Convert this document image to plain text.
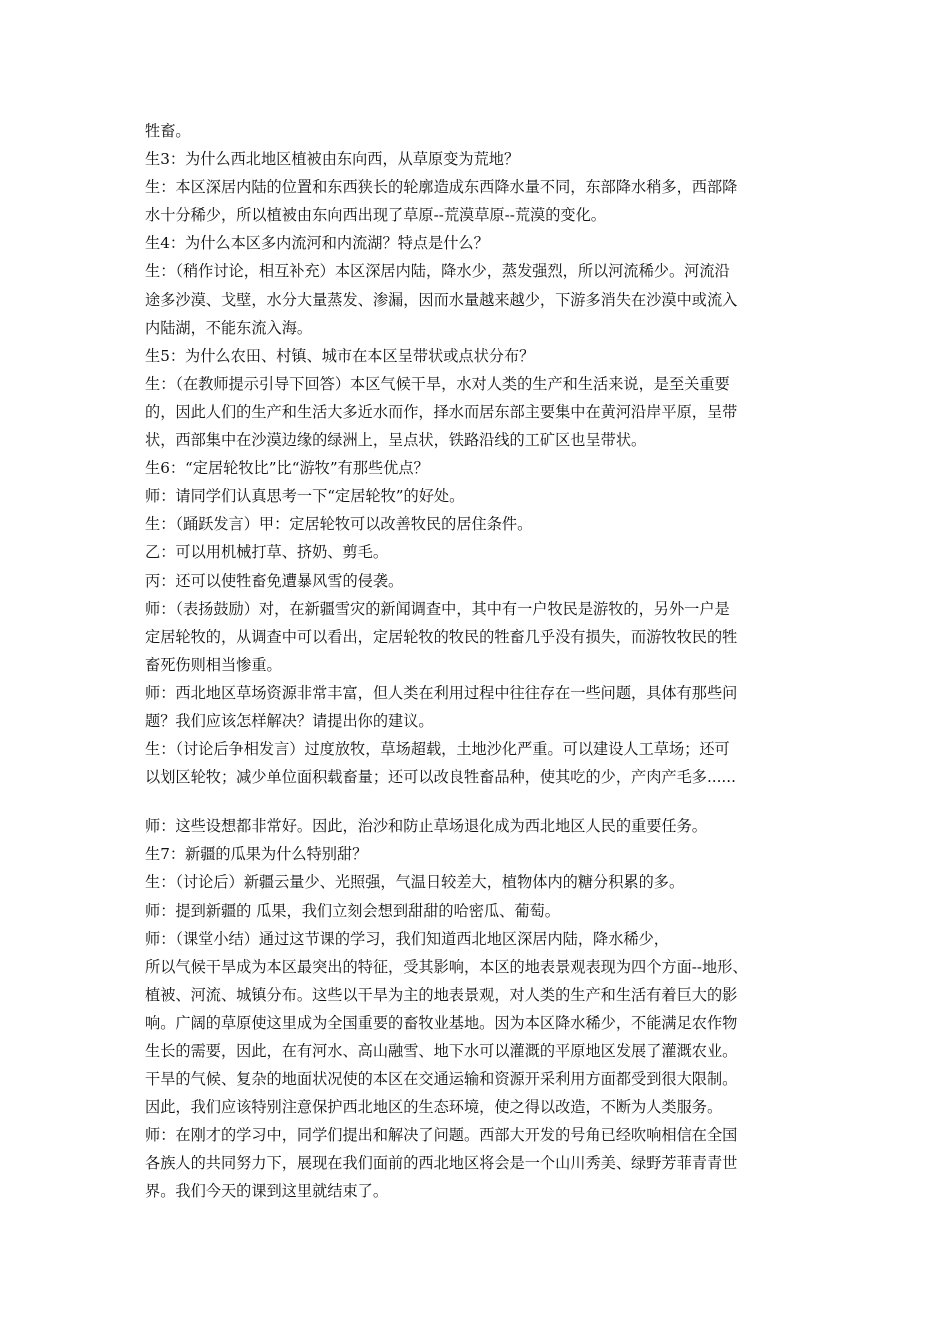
牲畜。
生3：为什么西北地区植被由东向西，从草原变为荒地？
生：本区深居内陆的位置和东西狭长的轮廓造成东西降水量不同，东部降水稍多，西部降
水十分稀少，所以植被由东向西出现了草原--荒漠草原--荒漠的变化。
生4：为什么本区多内流河和内流湖？特点是什么？
生：（稍作讨论，相互补充）本区深居内陆，降水少，蒸发强烈，所以河流稀少。河流沿
途多沙漠、戈壁，水分大量蒸发、渗漏，因而水量越来越少，下游多消失在沙漠中或流入
内陆湖，不能东流入海。
生5：为什么农田、村镇、城市在本区呈带状或点状分布？
生：（在教师提示引导下回答）本区气候干旱，水对人类的生产和生活来说，是至关重要
的，因此人们的生产和生活大多近水而作，择水而居东部主要集中在黄河沿岸平原，呈带
状，西部集中在沙漠边缘的绿洲上，呈点状，铁路沿线的工矿区也呈带状。
生6：“定居轮牧比”比“游牧”有那些优点？
师：请同学们认真思考一下“定居轮牧”的好处。
生：（踊跃发言）甲：定居轮牧可以改善牧民的居住条件。
乙：可以用机械打草、挤奶、剪毛。
丙：还可以使牲畜免遭暴风雪的侵袭。
师：（表扬鼓励）对，在新疆雪灾的新闻调查中，其中有一户牧民是游牧的，另外一户是
定居轮牧的，从调查中可以看出，定居轮牧的牧民的牲畜几乎没有损失，而游牧牧民的牲
畜死伤则相当惨重。
师：西北地区草场资源非常丰富，但人类在利用过程中往往存在一些问题，具体有那些问
题？我们应该怎样解决？请提出你的建议。
生：（讨论后争相发言）过度放牧，草场超载，土地沙化严重。可以建设人工草场；还可
以划区轮牧；减少单位面积载畜量；还可以改良牲畜品种，使其吃的少，产肉产毛多......
师：这些设想都非常好。因此，治沙和防止草场退化成为西北地区人民的重要任务。
生7：新疆的瓜果为什么特别甜？
生：（讨论后）新疆云量少、光照强，气温日较差大，植物体内的糖分积累的多。
师：提到新疆的 瓜果，我们立刻会想到甜甜的哈密瓜、葡萄。
师：（课堂小结）通过这节课的学习，我们知道西北地区深居内陆，降水稀少，
所以气候干旱成为本区最突出的特征，受其影响，本区的地表景观表现为四个方面--地形、
植被、河流、城镇分布。这些以干旱为主的地表景观，对人类的生产和生活有着巨大的影
响。广阔的草原使这里成为全国重要的畜牧业基地。因为本区降水稀少，不能满足农作物
生长的需要，因此，在有河水、高山融雪、地下水可以灌溉的平原地区发展了灌溉农业。
干旱的气候、复杂的地面状况使的本区在交通运输和资源开采利用方面都受到很大限制。
因此，我们应该特别注意保护西北地区的生态环境，使之得以改造，不断为人类服务。
师：在刚才的学习中，同学们提出和解决了问题。西部大开发的号角已经吹响相信在全国
各族人的共同努力下，展现在我们面前的西北地区将会是一个山川秀美、绿野芳菲青青世
界。我们今天的课到这里就结束了。
